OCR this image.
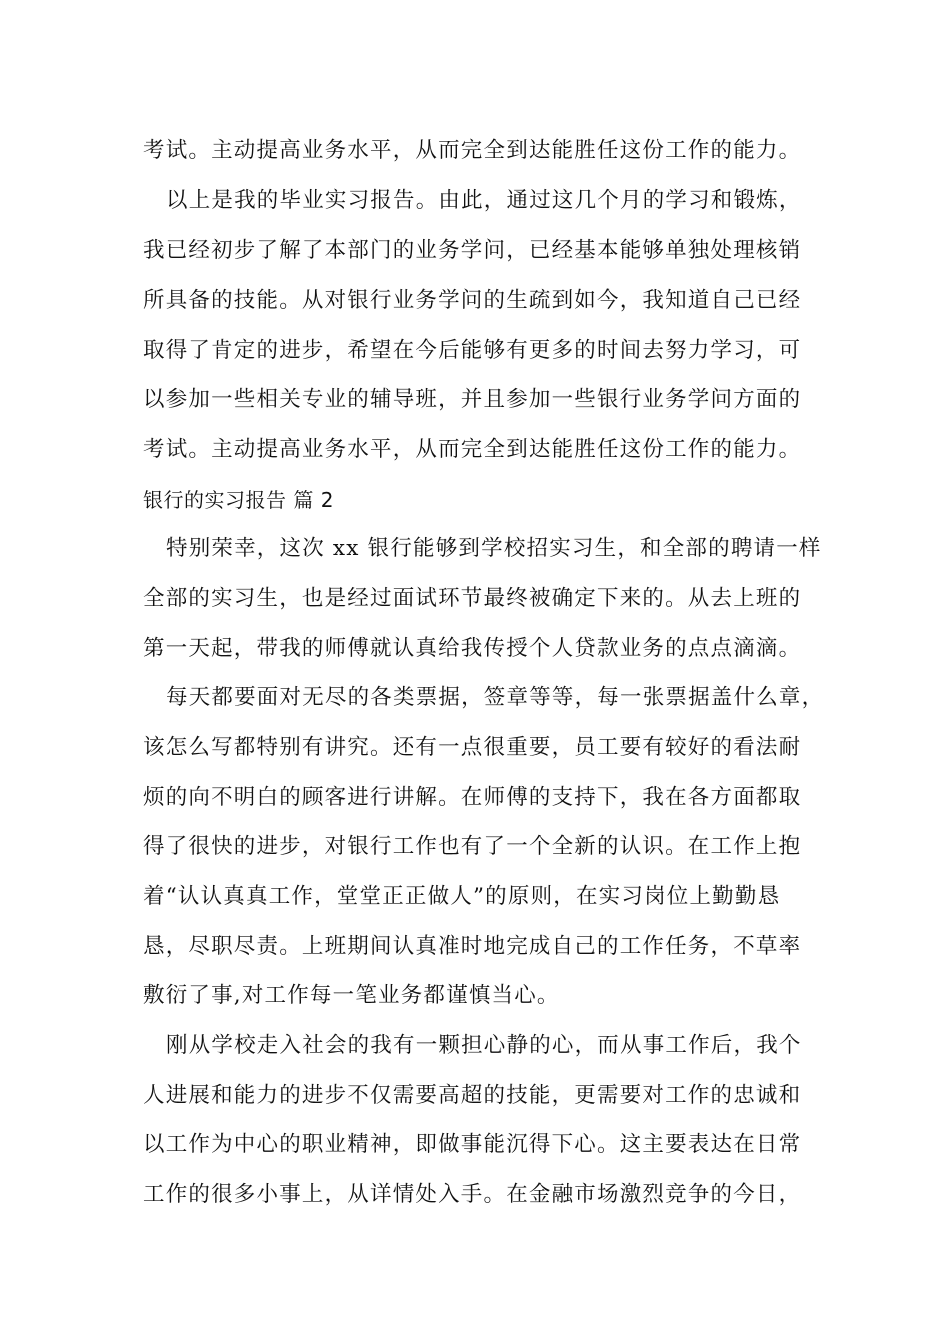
考试。主动提高业务水平，从而完全到达能胜任这份工作的能力。
以上是我的毕业实习报告。由此，通过这几个月的学习和锻炼，
我已经初步了解了本部门的业务学问，已经基本能够单独处理核销
所具备的技能。从对银行业务学问的生疏到如今，我知道自己已经
取得了肯定的进步，希望在今后能够有更多的时间去努力学习，可
以参加一些相关专业的辅导班，并且参加一些银行业务学问方面的
考试。主动提高业务水平，从而完全到达能胜任这份工作的能力。
银行的实习报告 篇 2
特别荣幸，这次 xx 银行能够到学校招实习生，和全部的聘请一样
全部的实习生，也是经过面试环节最终被确定下来的。从去上班的
第一天起，带我的师傅就认真给我传授个人贷款业务的点点滴滴。
每天都要面对无尽的各类票据，签章等等，每一张票据盖什么章，
该怎么写都特别有讲究。还有一点很重要，员工要有较好的看法耐
烦的向不明白的顾客进行讲解。在师傅的支持下，我在各方面都取
得了很快的进步，对银行工作也有了一个全新的认识。在工作上抱
着“认认真真工作，堂堂正正做人”的原则，在实习岗位上勤勤恳
恳，尽职尽责。上班期间认真准时地完成自己的工作任务，不草率
敷衍了事,对工作每一笔业务都谨慎当心。
刚从学校走入社会的我有一颗担心静的心，而从事工作后，我个
人进展和能力的进步不仅需要高超的技能，更需要对工作的忠诚和
以工作为中心的职业精神，即做事能沉得下心。这主要表达在日常
工作的很多小事上，从详情处入手。在金融市场激烈竞争的今日，
